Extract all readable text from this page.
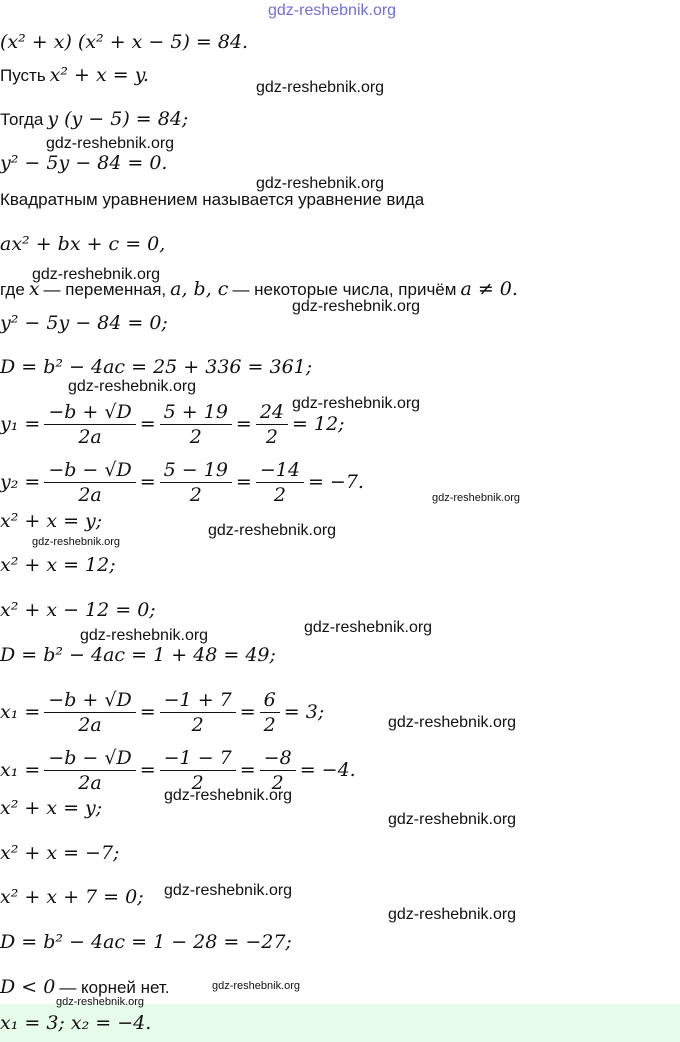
gdz-reshebnik.org
(x² + x) (x² + x − 5) = 84.
Пусть x² + x = y.
gdz-reshebnik.org
Тогда y (y − 5) = 84;
gdz-reshebnik.org
y² − 5y − 84 = 0.
gdz-reshebnik.org
Квадратным уравнением называется уравнение вида
ax² + bx + c = 0,
gdz-reshebnik.org
где x — переменная, a, b, c — некоторые числа, причём a ≠ 0.
gdz-reshebnik.org
y² − 5y − 84 = 0;
D = b² − 4ac = 25 + 336 = 361;
gdz-reshebnik.org
gdz-reshebnik.org
$y_1 = \frac{-b + √D}{2a} = \frac{5 + 19}{2} = \frac{24}{2} = 12$;
$y_2 = \frac{-b - √D}{2a} = \frac{5 - 19}{2} = \frac{-14}{2} = -7$.
gdz-reshebnik.org
x² + x = y;	gdz-reshebnik.org
gdz-reshebnik.org
x² + x = 12;
x² + x − 12 = 0;
gdz-reshebnik.org
gdz-reshebnik.org
D = b² − 4ac = 1 + 48 = 49;
$x_1 = \frac{-b + √D}{2a} = \frac{-1 + 7}{2} = \frac{6}{2} = 3$;	gdz-reshebnik.org
$x_1 = \frac{-b - √D}{2a} = \frac{-1 - 7}{2} = \frac{-8}{2} = -4$.
gdz-reshebnik.org
x² + x = y;
gdz-reshebnik.org
x² + x = −7;
gdz-reshebnik.org
x² + x + 7 = 0;
gdz-reshebnik.org
D = b² − 4ac = 1 − 28 = −27;
D < 0 — корней нет.	gdz-reshebnik.org
gdz-reshebnik.org
x₁ = 3; x₂ = −4.
